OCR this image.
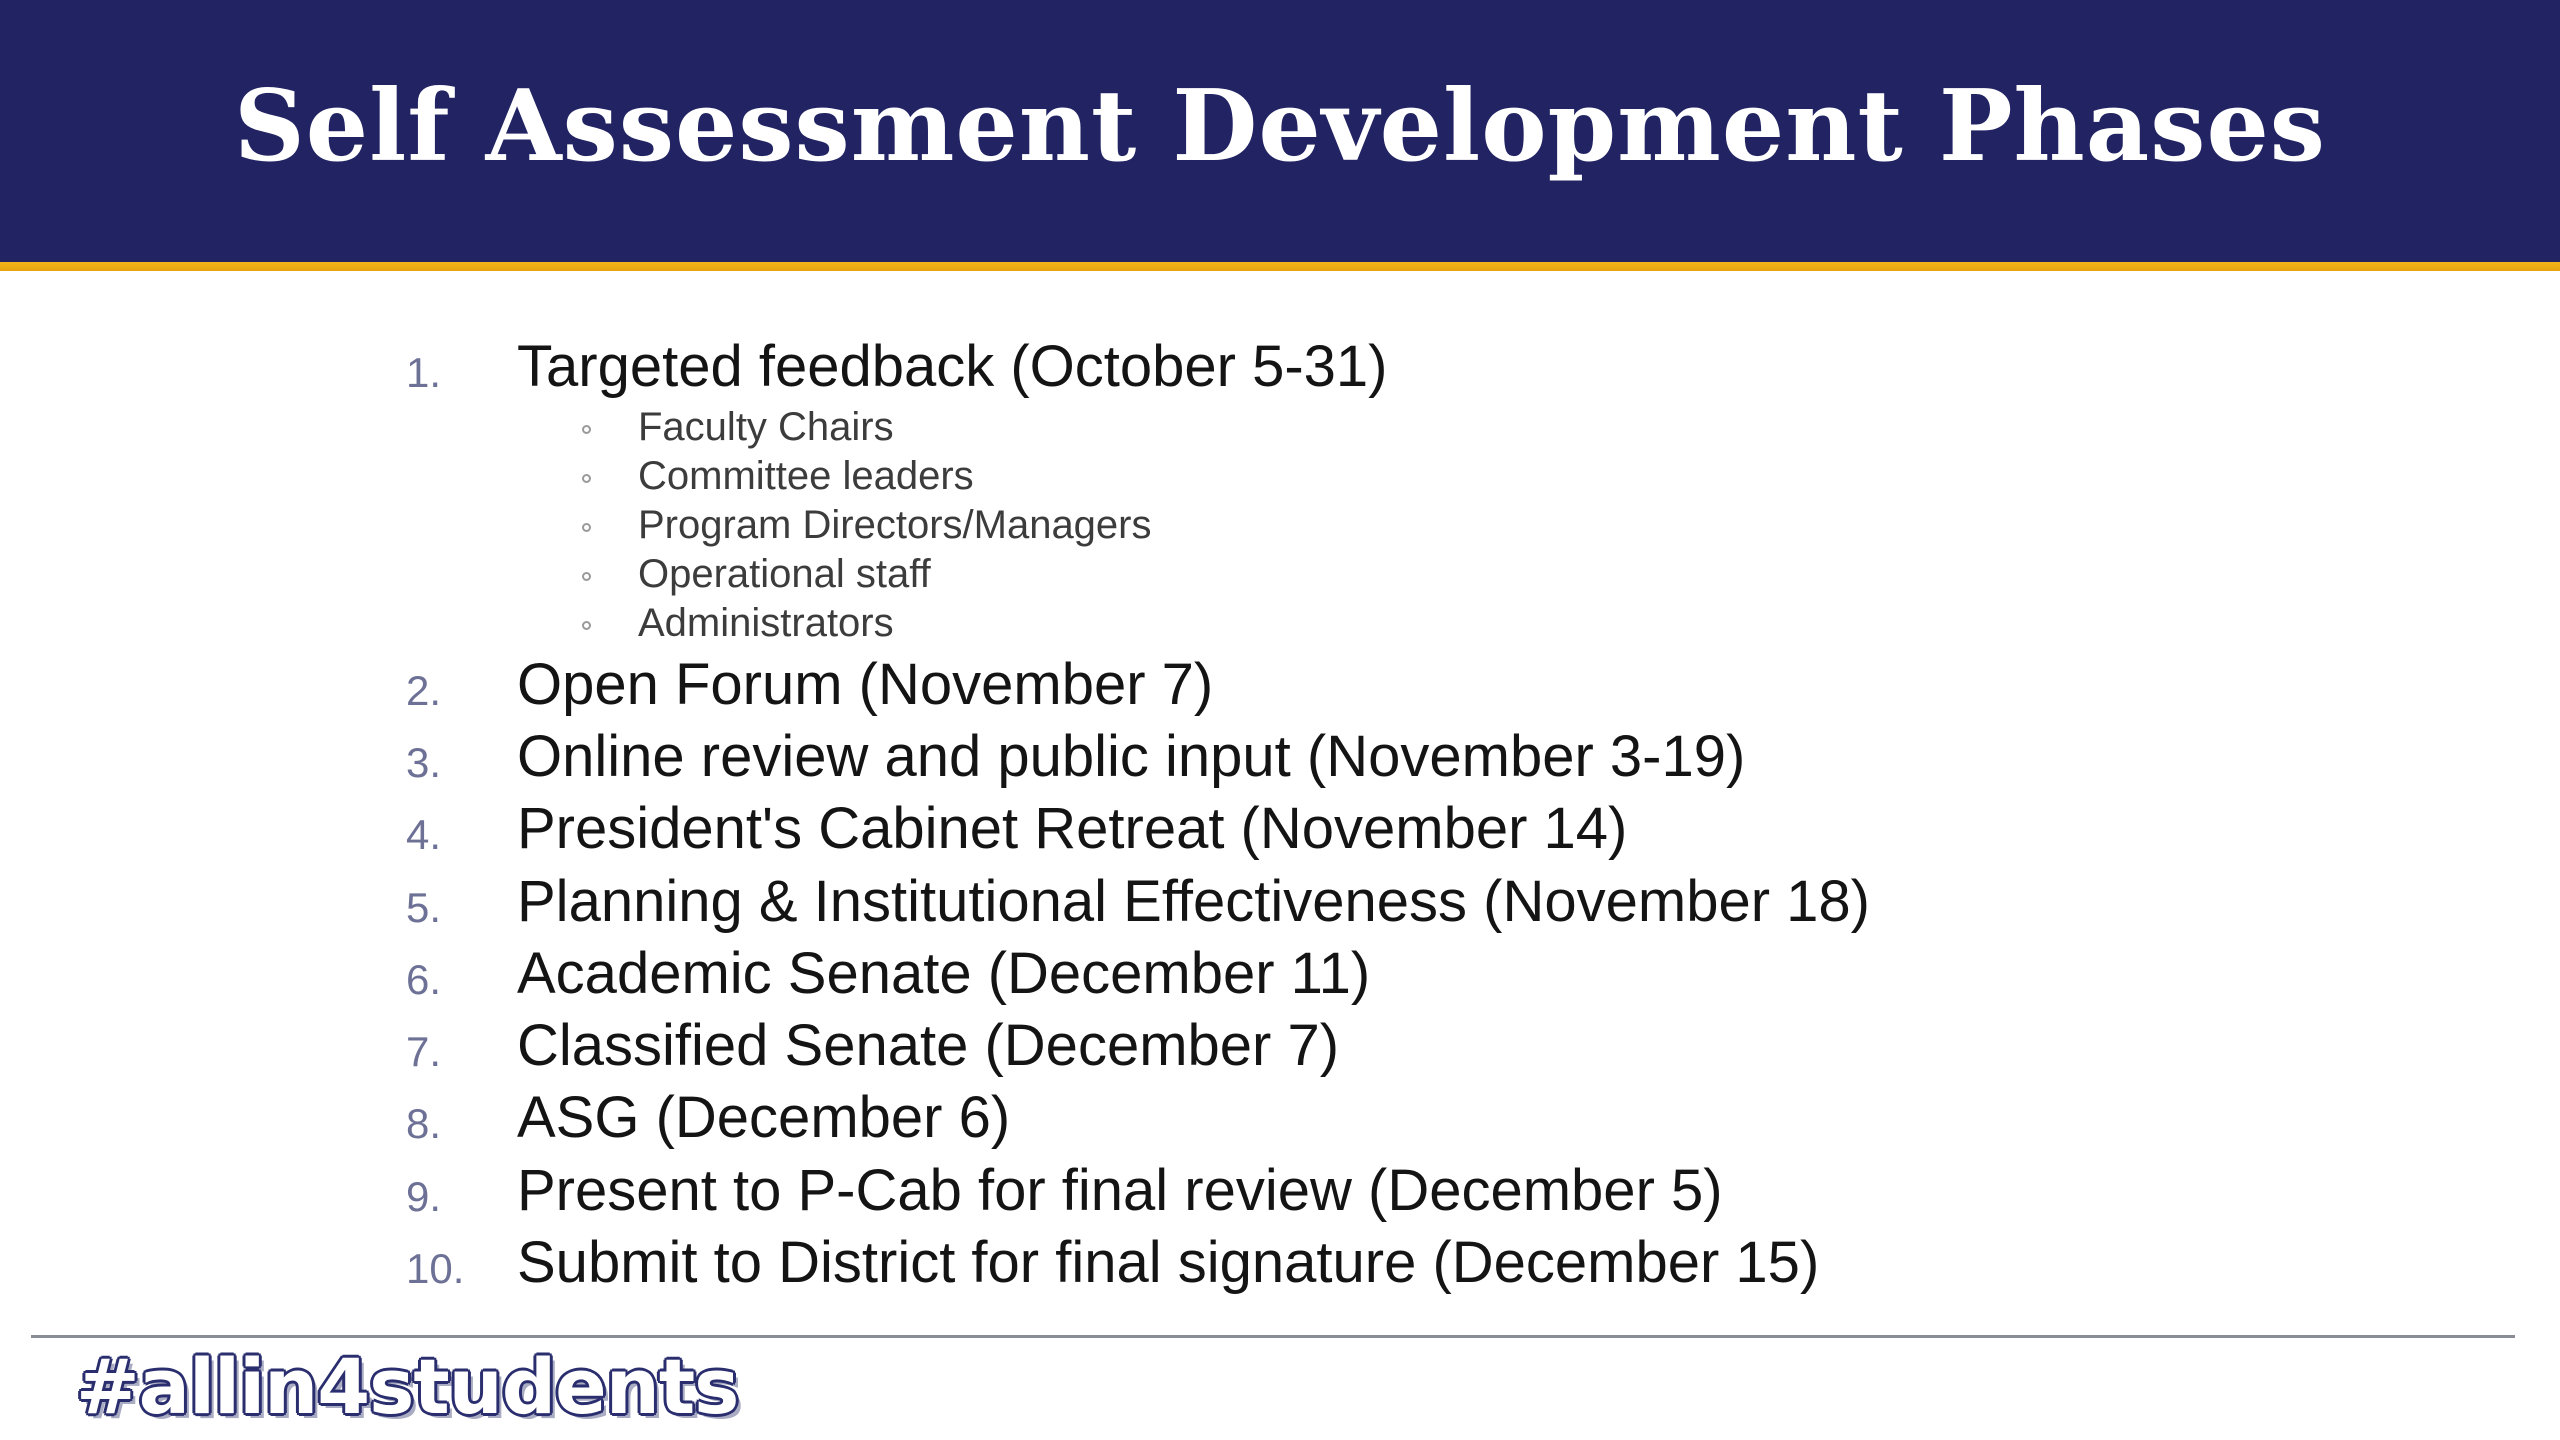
Self Assessment Development Phases
1. Targeted feedback (October 5-31)
Faculty Chairs
Committee leaders
Program Directors/Managers
Operational staff
Administrators
2. Open Forum (November 7)
3. Online review and public input (November 3-19)
4. President's Cabinet Retreat (November 14)
5. Planning & Institutional Effectiveness (November 18)
6. Academic Senate (December 11)
7. Classified Senate (December 7)
8. ASG (December 6)
9. Present to P-Cab for final review (December 5)
10. Submit to District for final signature (December 15)
#allin4students
